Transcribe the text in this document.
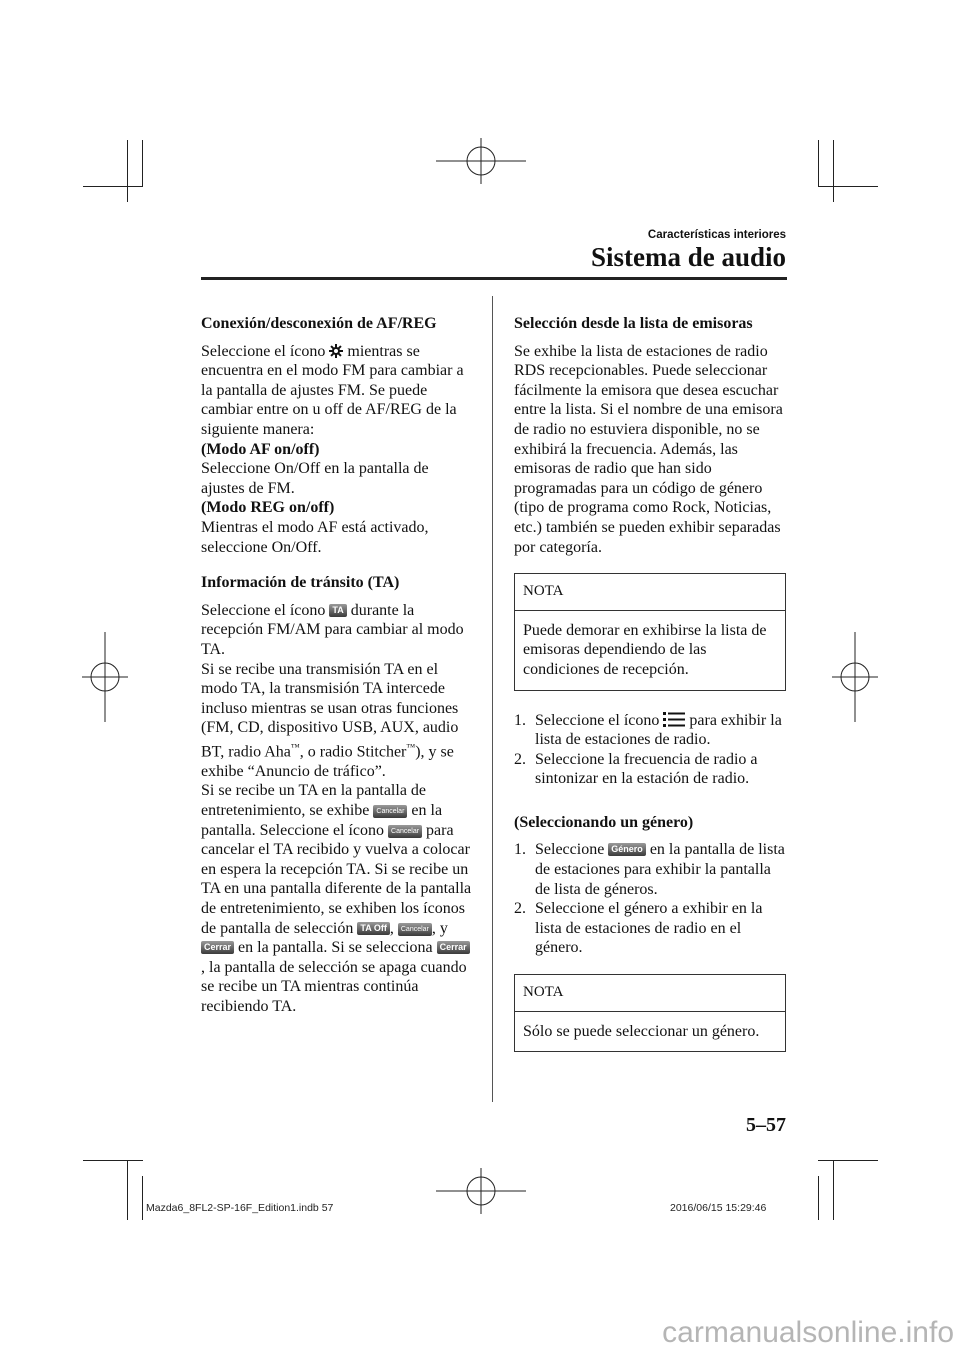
Características interiores
Sistema de audio
Conexión/desconexión de AF/REG

Seleccione el ícono mientras se encuentra en el modo FM para cambiar a la pantalla de ajustes FM. Se puede cambiar entre on u off de AF/REG de la siguiente manera:

(Modo AF on/off)

Seleccione On/Off en la pantalla de ajustes de FM.

(Modo REG on/off)

Mientras el modo AF está activado, seleccione On/Off.

Información de tránsito (TA)

Seleccione el ícono TA durante la recepción FM/AM para cambiar al modo TA.

Si se recibe una transmisión TA en el modo TA, la transmisión TA intercede incluso mientras se usan otras funciones (FM, CD, dispositivo USB, AUX, audio BT, radio Aha™, o radio Stitcher™), y se exhibe “Anuncio de tráfico”.

Si se recibe un TA en la pantalla de entretenimiento, se exhibe Cancelar en la pantalla. Seleccione el ícono Cancelar para cancelar el TA recibido y vuelva a colocar en espera la recepción TA. Si se recibe un TA en una pantalla diferente de la pantalla de entretenimiento, se exhiben los íconos de pantalla de selección TA Off , Cancelar , y Cerrar en la pantalla. Si se selecciona Cerrar, la pantalla de selección se apaga cuando se recibe un TA mientras continúa recibiendo TA.

Selección desde la lista de emisoras

Se exhibe la lista de estaciones de radio RDS recepcionables. Puede seleccionar fácilmente la emisora que desea escuchar entre la lista. Si el nombre de una emisora de radio no estuviera disponible, no se exhibirá la frecuencia. Además, las emisoras de radio que han sido programadas para un código de género (tipo de programa como Rock, Noticias, etc.) también se pueden exhibir separadas por categoría.

NOTA
Puede demorar en exhibirse la lista de emisoras dependiendo de las condiciones de recepción.
1. Seleccione el ícono para exhibir la lista de estaciones de radio.
2. Seleccione la frecuencia de radio a sintonizar en la estación de radio.
(Seleccionando un género)
1. Seleccione Género en la pantalla de lista de estaciones para exhibir la pantalla de lista de géneros.
2. Seleccione el género a exhibir en la lista de estaciones de radio en el género.
NOTA
Sólo se puede seleccionar un género.
5–57
Mazda6_8FL2-SP-16F_Edition1.indb 57	2016/06/15 15:29:46
carmanualsonline.info
